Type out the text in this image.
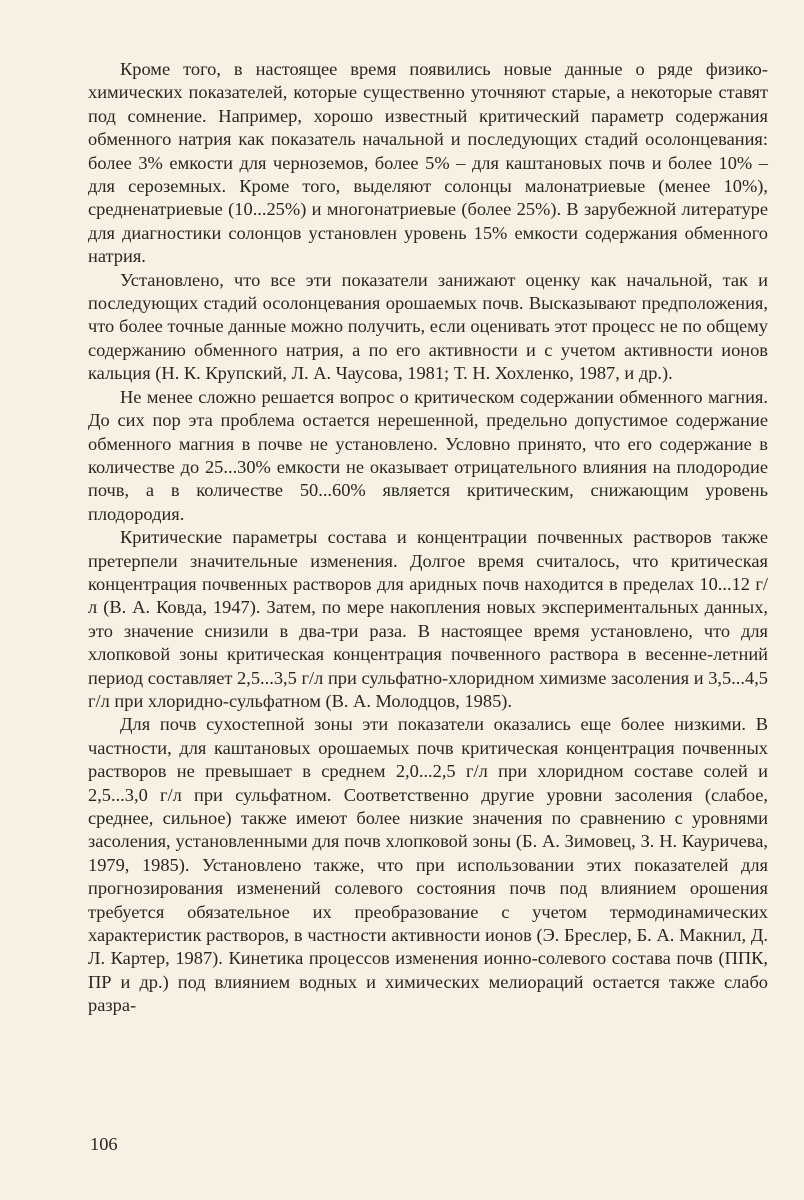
Кроме того, в настоящее время появились новые данные о ряде физико-химических показателей, которые существенно уточняют старые, а некоторые ставят под сомнение. Например, хорошо известный критический параметр содержания обменного натрия как показатель начальной и последующих стадий осолонцевания: более 3% емкости для черноземов, более 5% – для каштановых почв и более 10% – для сероземных. Кроме того, выделяют солонцы малонатриевые (менее 10%), средненатриевые (10...25%) и многонатриевые (более 25%). В зарубежной литературе для диагностики солонцов установлен уровень 15% емкости содержания обменного натрия.

Установлено, что все эти показатели занижают оценку как начальной, так и последующих стадий осолонцевания орошаемых почв. Высказывают предположения, что более точные данные можно получить, если оценивать этот процесс не по общему содержанию обменного натрия, а по его активности и с учетом активности ионов кальция (Н. К. Крупский, Л. А. Чаусова, 1981; Т. Н. Хохленко, 1987, и др.).

Не менее сложно решается вопрос о критическом содержании обменного магния. До сих пор эта проблема остается нерешенной, предельно допустимое содержание обменного магния в почве не установлено. Условно принято, что его содержание в количестве до 25...30% емкости не оказывает отрицательного влияния на плодородие почв, а в количестве 50...60% является критическим, снижающим уровень плодородия.

Критические параметры состава и концентрации почвенных растворов также претерпели значительные изменения. Долгое время считалось, что критическая концентрация почвенных растворов для аридных почв находится в пределах 10...12 г/л (В. А. Ковда, 1947). Затем, по мере накопления новых экспериментальных данных, это значение снизили в два-три раза. В настоящее время установлено, что для хлопковой зоны критическая концентрация почвенного раствора в весенне-летний период составляет 2,5...3,5 г/л при сульфатно-хлоридном химизме засоления и 3,5...4,5 г/л при хлоридно-сульфатном (В. А. Молодцов, 1985).

Для почв сухостепной зоны эти показатели оказались еще более низкими. В частности, для каштановых орошаемых почв критическая концентрация почвенных растворов не превышает в среднем 2,0...2,5 г/л при хлоридном составе солей и 2,5...3,0 г/л при сульфатном. Соответственно другие уровни засоления (слабое, среднее, сильное) также имеют более низкие значения по сравнению с уровнями засоления, установленными для почв хлопковой зоны (Б. А. Зимовец, З. Н. Кауричева, 1979, 1985). Установлено также, что при использовании этих показателей для прогнозирования изменений солевого состояния почв под влиянием орошения требуется обязательное их преобразование с учетом термодинамических характеристик растворов, в частности активности ионов (Э. Бреслер, Б. А. Макнил, Д. Л. Картер, 1987). Кинетика процессов изменения ионно-солевого состава почв (ППК, ПР и др.) под влиянием водных и химических мелиораций остается также слабо разра-

106
